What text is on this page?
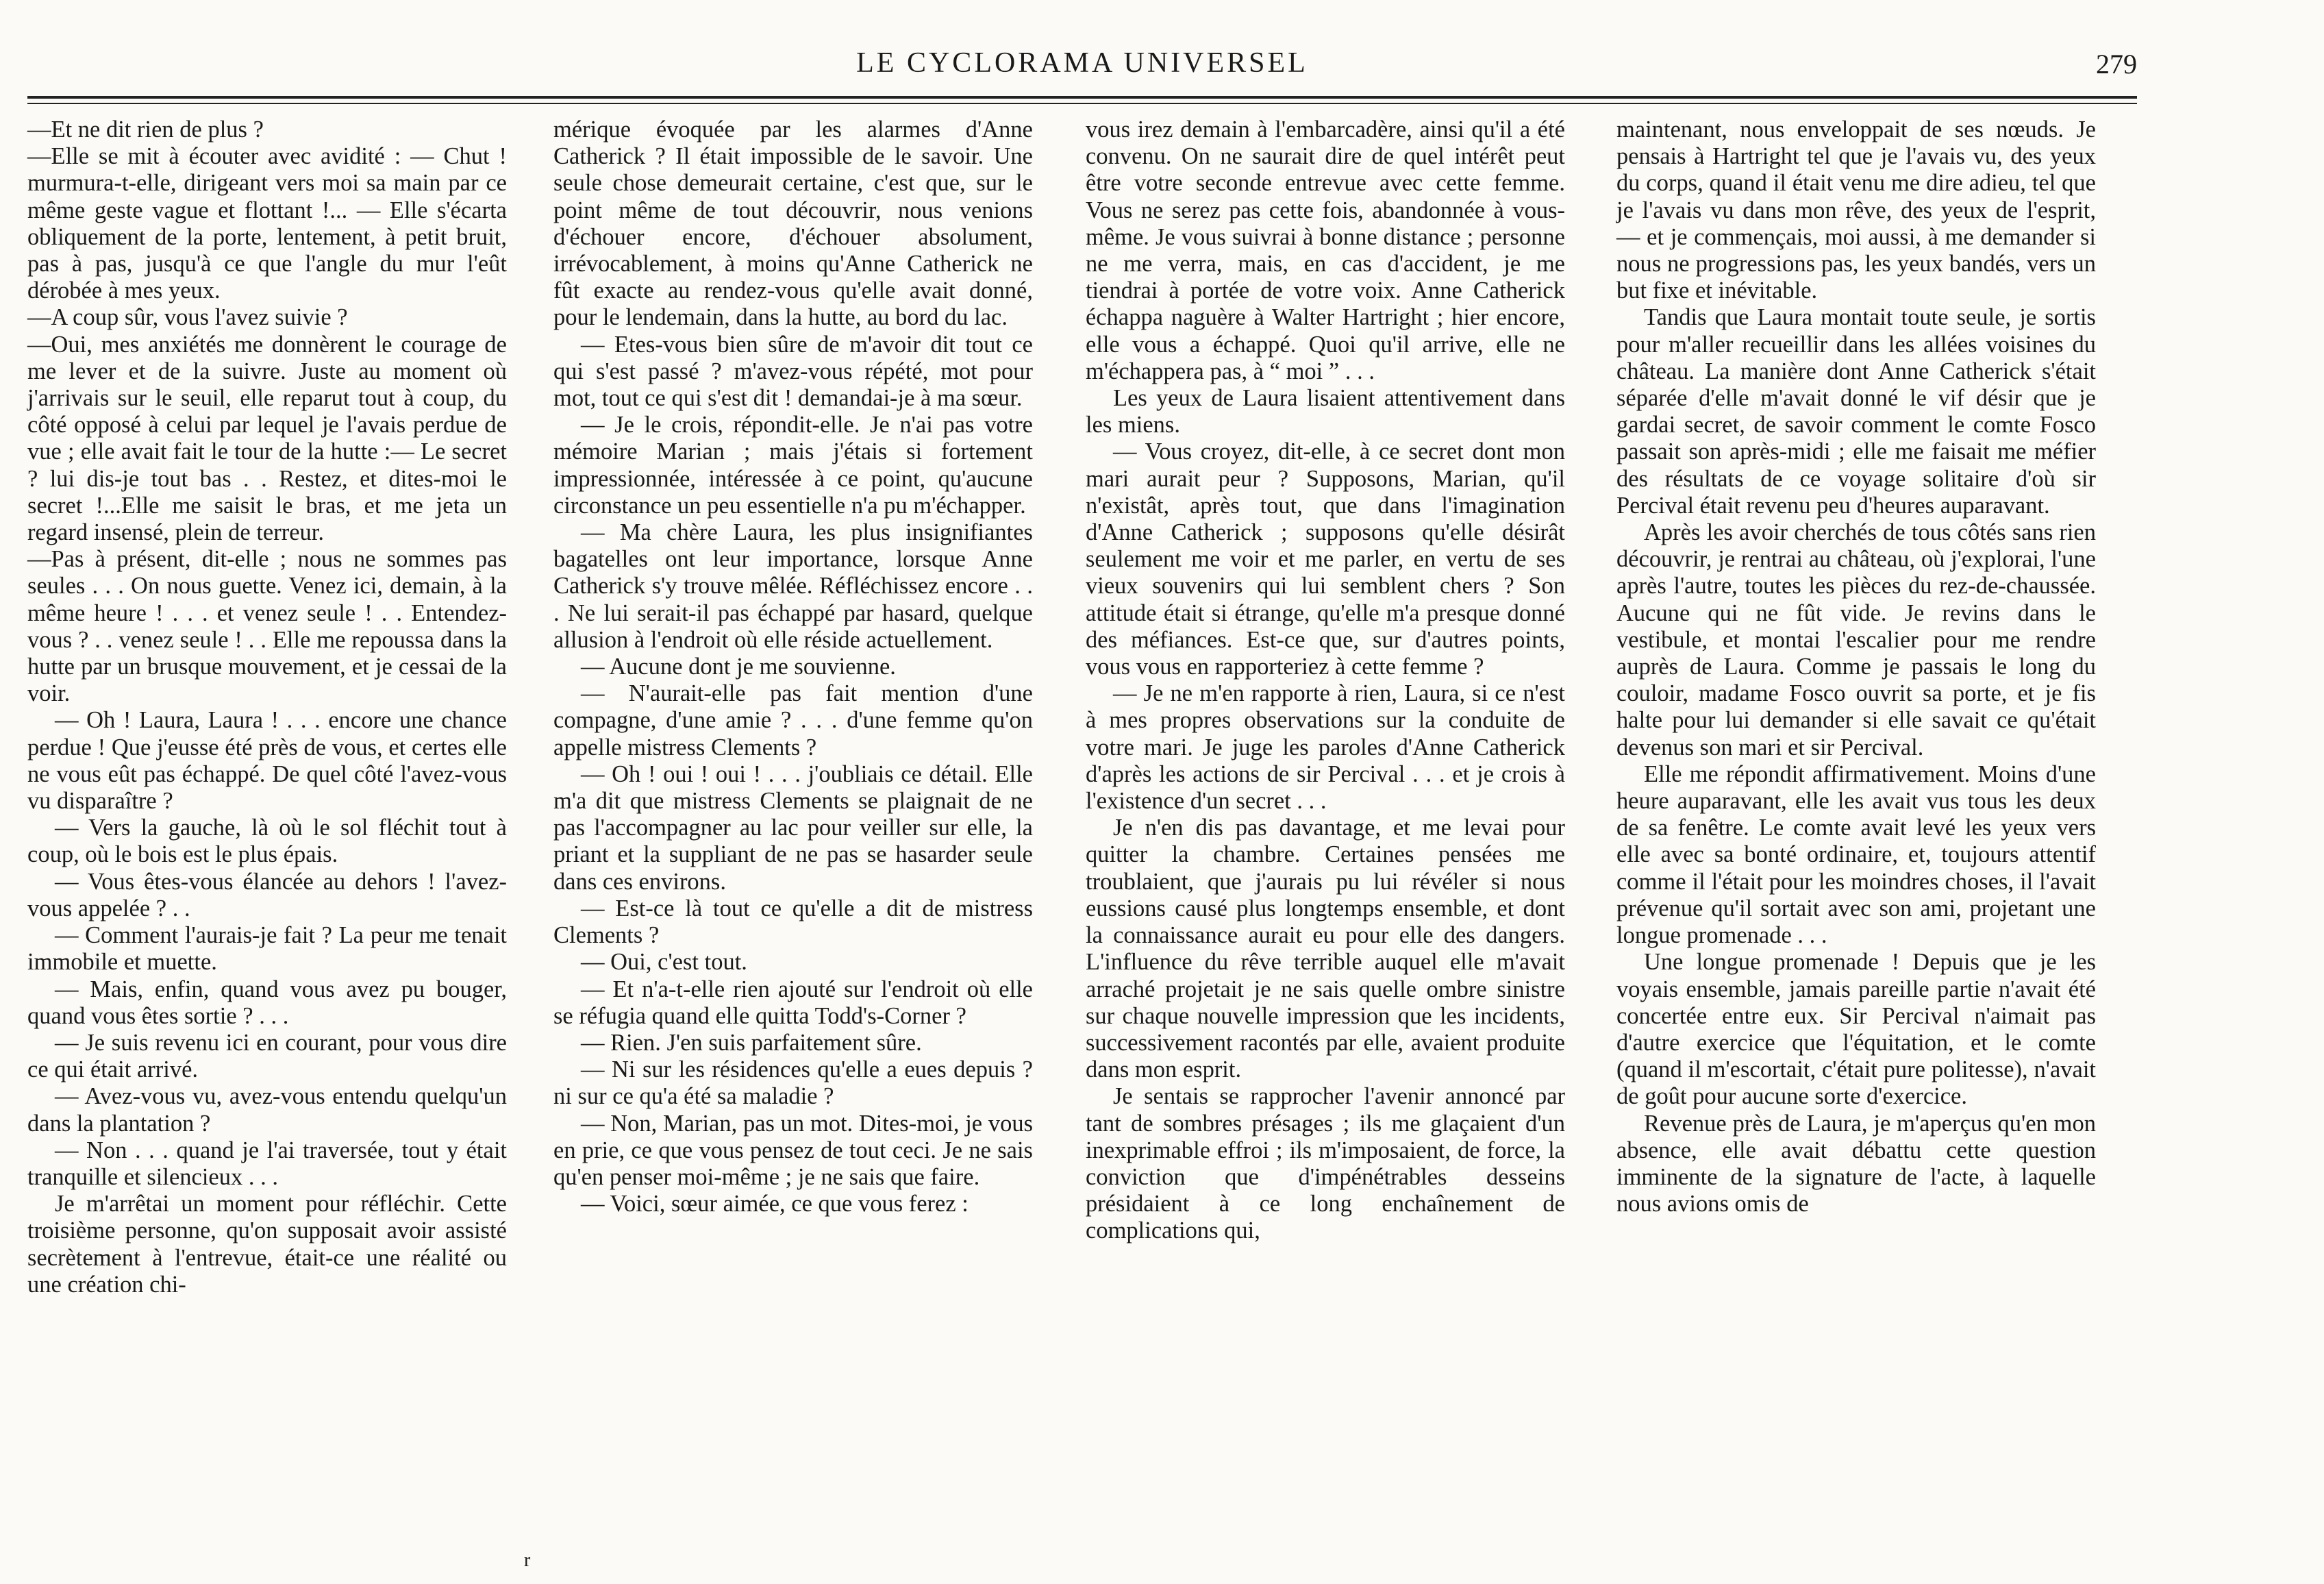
LE CYCLORAMA UNIVERSEL	279

—Et ne dit rien de plus ?

—Elle se mit à écouter avec avidité : — Chut ! murmura-t-elle, dirigeant vers moi sa main par ce même geste vague et flottant !... — Elle s'écarta obliquement de la porte, lentement, à petit bruit, pas à pas, jusqu'à ce que l'angle du mur l'eût dérobée à mes yeux.

—A coup sûr, vous l'avez suivie ?

—Oui, mes anxiétés me donnèrent le courage de me lever et de la suivre. Juste au moment où j'arrivais sur le seuil, elle reparut tout à coup, du côté opposé à celui par lequel je l'avais perdue de vue ; elle avait fait le tour de la hutte :— Le secret ? lui dis-je tout bas . . Restez, et dites-moi le secret !...Elle me saisit le bras, et me jeta un regard insensé, plein de terreur.

—Pas à présent, dit-elle ; nous ne sommes pas seules . . . On nous guette. Venez ici, demain, à la même heure ! . . . et venez seule ! . . Entendez-vous ? . . venez seule ! . . Elle me repoussa dans la hutte par un brusque mouvement, et je cessai de la voir.

— Oh ! Laura, Laura ! . . . encore une chance perdue ! Que j'eusse été près de vous, et certes elle ne vous eût pas échappé. De quel côté l'avez-vous vu disparaître ?

— Vers la gauche, là où le sol fléchit tout à coup, où le bois est le plus épais.

— Vous êtes-vous élancée au dehors ! l'avez-vous appelée ? . .

— Comment l'aurais-je fait ? La peur me tenait immobile et muette.

— Mais, enfin, quand vous avez pu bouger, quand vous êtes sortie ? . . .

— Je suis revenu ici en courant, pour vous dire ce qui était arrivé.

— Avez-vous vu, avez-vous entendu quelqu'un dans la plantation ?

— Non . . . quand je l'ai traversée, tout y était tranquille et silencieux . . .

Je m'arrêtai un moment pour réfléchir. Cette troisième personne, qu'on supposait avoir assisté secrètement à l'entrevue, était-ce une réalité ou une création chi-

mérique évoquée par les alarmes d'Anne Catherick ? Il était impossible de le savoir. Une seule chose demeurait certaine, c'est que, sur le point même de tout découvrir, nous venions d'échouer encore, d'échouer absolument, irrévocablement, à moins qu'Anne Catherick ne fût exacte au rendez-vous qu'elle avait donné, pour le lendemain, dans la hutte, au bord du lac.

— Etes-vous bien sûre de m'avoir dit tout ce qui s'est passé ? m'avez-vous répété, mot pour mot, tout ce qui s'est dit ! demandai-je à ma sœur.

— Je le crois, répondit-elle. Je n'ai pas votre mémoire Marian ; mais j'étais si fortement impressionnée, intéressée à ce point, qu'aucune circonstance un peu essentielle n'a pu m'échapper.

— Ma chère Laura, les plus insignifiantes bagatelles ont leur importance, lorsque Anne Catherick s'y trouve mêlée. Réfléchissez encore . . . Ne lui serait-il pas échappé par hasard, quelque allusion à l'endroit où elle réside actuellement.

— Aucune dont je me souvienne.

— N'aurait-elle pas fait mention d'une compagne, d'une amie ? . . . d'une femme qu'on appelle mistress Clements ?

— Oh ! oui ! oui ! . . . j'oubliais ce détail. Elle m'a dit que mistress Clements se plaignait de ne pas l'accompagner au lac pour veiller sur elle, la priant et la suppliant de ne pas se hasarder seule dans ces environs.

— Est-ce là tout ce qu'elle a dit de mistress Clements ?

— Oui, c'est tout.

— Et n'a-t-elle rien ajouté sur l'endroit où elle se réfugia quand elle quitta Todd's-Corner ?

— Rien. J'en suis parfaitement sûre.

— Ni sur les résidences qu'elle a eues depuis ? ni sur ce qu'a été sa maladie ?

— Non, Marian, pas un mot. Dites-moi, je vous en prie, ce que vous pensez de tout ceci. Je ne sais qu'en penser moi-même ; je ne sais que faire.

— Voici, sœur aimée, ce que vous ferez :

vous irez demain à l'embarcadère, ainsi qu'il a été convenu. On ne saurait dire de quel intérêt peut être votre seconde entrevue avec cette femme. Vous ne serez pas cette fois, abandonnée à vous-même. Je vous suivrai à bonne distance ; personne ne me verra, mais, en cas d'accident, je me tiendrai à portée de votre voix. Anne Catherick échappa naguère à Walter Hartright ; hier encore, elle vous a échappé. Quoi qu'il arrive, elle ne m'échappera pas, à “ moi ” . . .

Les yeux de Laura lisaient attentivement dans les miens.

— Vous croyez, dit-elle, à ce secret dont mon mari aurait peur ? Supposons, Marian, qu'il n'existât, après tout, que dans l'imagination d'Anne Catherick ; supposons qu'elle désirât seulement me voir et me parler, en vertu de ses vieux souvenirs qui lui semblent chers ? Son attitude était si étrange, qu'elle m'a presque donné des méfiances. Est-ce que, sur d'autres points, vous vous en rapporteriez à cette femme ?

— Je ne m'en rapporte à rien, Laura, si ce n'est à mes propres observations sur la conduite de votre mari. Je juge les paroles d'Anne Catherick d'après les actions de sir Percival . . . et je crois à l'existence d'un secret . . .

Je n'en dis pas davantage, et me levai pour quitter la chambre. Certaines pensées me troublaient, que j'aurais pu lui révéler si nous eussions causé plus longtemps ensemble, et dont la connaissance aurait eu pour elle des dangers. L'influence du rêve terrible auquel elle m'avait arraché projetait je ne sais quelle ombre sinistre sur chaque nouvelle impression que les incidents, successivement racontés par elle, avaient produite dans mon esprit.

Je sentais se rapprocher l'avenir annoncé par tant de sombres présages ; ils me glaçaient d'un inexprimable effroi ; ils m'imposaient, de force, la conviction que d'impénétrables desseins présidaient à ce long enchaînement de complications qui,

maintenant, nous enveloppait de ses nœuds. Je pensais à Hartright tel que je l'avais vu, des yeux du corps, quand il était venu me dire adieu, tel que je l'avais vu dans mon rêve, des yeux de l'esprit, — et je commençais, moi aussi, à me demander si nous ne progressions pas, les yeux bandés, vers un but fixe et inévitable.

Tandis que Laura montait toute seule, je sortis pour m'aller recueillir dans les allées voisines du château. La manière dont Anne Catherick s'était séparée d'elle m'avait donné le vif désir que je gardai secret, de savoir comment le comte Fosco passait son après-midi ; elle me faisait me méfier des résultats de ce voyage solitaire d'où sir Percival était revenu peu d'heures auparavant.

Après les avoir cherchés de tous côtés sans rien découvrir, je rentrai au château, où j'explorai, l'une après l'autre, toutes les pièces du rez-de-chaussée. Aucune qui ne fût vide. Je revins dans le vestibule, et montai l'escalier pour me rendre auprès de Laura. Comme je passais le long du couloir, madame Fosco ouvrit sa porte, et je fis halte pour lui demander si elle savait ce qu'était devenus son mari et sir Percival.

Elle me répondit affirmativement. Moins d'une heure auparavant, elle les avait vus tous les deux de sa fenêtre. Le comte avait levé les yeux vers elle avec sa bonté ordinaire, et, toujours attentif comme il l'était pour les moindres choses, il l'avait prévenue qu'il sortait avec son ami, projetant une longue promenade . . .

Une longue promenade ! Depuis que je les voyais ensemble, jamais pareille partie n'avait été concertée entre eux. Sir Percival n'aimait pas d'autre exercice que l'équitation, et le comte (quand il m'escortait, c'était pure politesse), n'avait de goût pour aucune sorte d'exercice.

Revenue près de Laura, je m'aperçus qu'en mon absence, elle avait débattu cette question imminente de la signature de l'acte, à laquelle nous avions omis de

r
